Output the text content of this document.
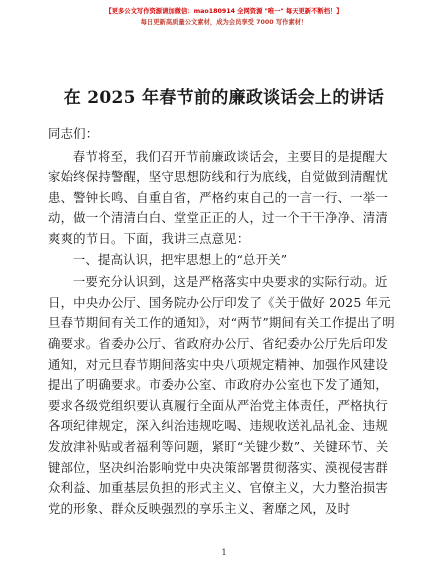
【更多公文写作资源请加微信：mao180914 全网资源 "唯一" 每天更新不断档！】
每日更新高质量公文素材，成为会员享受 7000 写作素材！
在 2025 年春节前的廉政谈话会上的讲话

同志们：

春节将至，我们召开节前廉政谈话会，主要目的是提醒大家始终保持警醒，坚守思想防线和行为底线，自觉做到清醒忧患、警钟长鸣、自重自省，严格约束自己的一言一行、一举一动，做一个清清白白、堂堂正正的人，过一个干干净净、清清爽爽的节日。下面，我讲三点意见：

一、提高认识，把牢思想上的“总开关”

一要充分认识到，这是严格落实中央要求的实际行动。近日，中央办公厅、国务院办公厅印发了《关于做好 2025 年元旦春节期间有关工作的通知》，对“两节”期间有关工作提出了明确要求。省委办公厅、省政府办公厅、省纪委办公厅先后印发通知，对元旦春节期间落实中央八项规定精神、加强作风建设提出了明确要求。市委办公室、市政府办公室也下发了通知，要求各级党组织要认真履行全面从严治党主体责任，严格执行各项纪律规定，深入纠治违规吃喝、违规收送礼品礼金、违规发放津补贴或者福利等问题，紧盯“关键少数”、关键环节、关键部位，坚决纠治影响党中央决策部署贯彻落实、漠视侵害群众利益、加重基层负担的形式主义、官僚主义，大力整治损害党的形象、群众反映强烈的享乐主义、奢靡之风，及时

1
